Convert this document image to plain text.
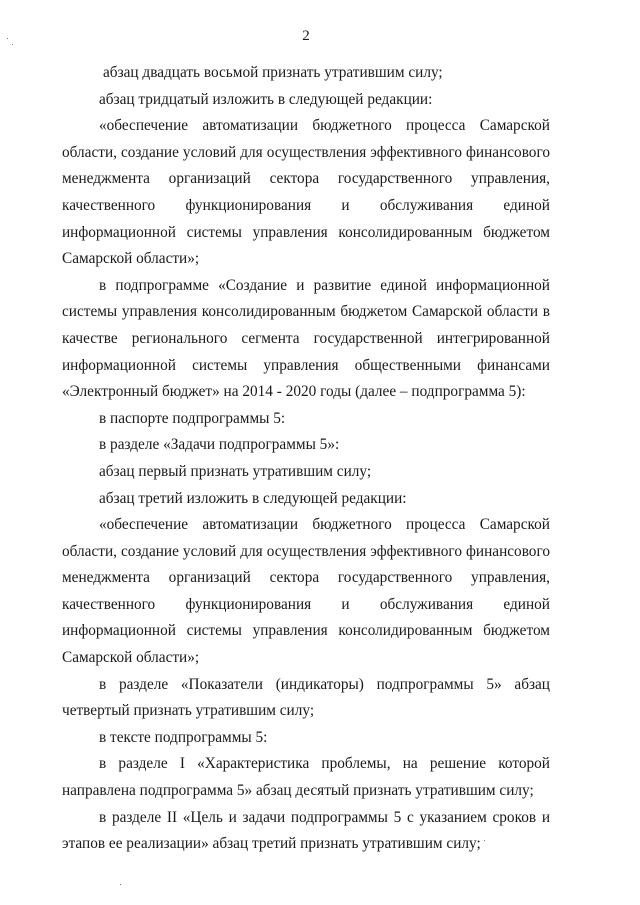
2

абзац двадцать восьмой признать утратившим силу;

абзац тридцатый изложить в следующей редакции:

«обеспечение автоматизации бюджетного процесса Самарской области, создание условий для осуществления эффективного финансового менеджмента организаций сектора государственного управления, качественного функционирования и обслуживания единой информационной системы управления консолидированным бюджетом Самарской области»;

в подпрограмме «Создание и развитие единой информационной системы управления консолидированным бюджетом Самарской области в качестве регионального сегмента государственной интегрированной информационной системы управления общественными финансами «Электронный бюджет» на 2014 - 2020 годы (далее – подпрограмма 5):

в паспорте подпрограммы 5:

в разделе «Задачи подпрограммы 5»:

абзац первый признать утратившим силу;

абзац третий изложить в следующей редакции:

«обеспечение автоматизации бюджетного процесса Самарской области, создание условий для осуществления эффективного финансового менеджмента организаций сектора государственного управления, качественного функционирования и обслуживания единой информационной системы управления консолидированным бюджетом Самарской области»;

в разделе «Показатели (индикаторы) подпрограммы 5» абзац четвертый признать утратившим силу;

в тексте подпрограммы 5:

в разделе I «Характеристика проблемы, на решение которой направлена подпрограмма 5» абзац десятый признать утратившим силу;

в разделе II «Цель и задачи подпрограммы 5 с указанием сроков и этапов ее реализации» абзац третий признать утратившим силу;
